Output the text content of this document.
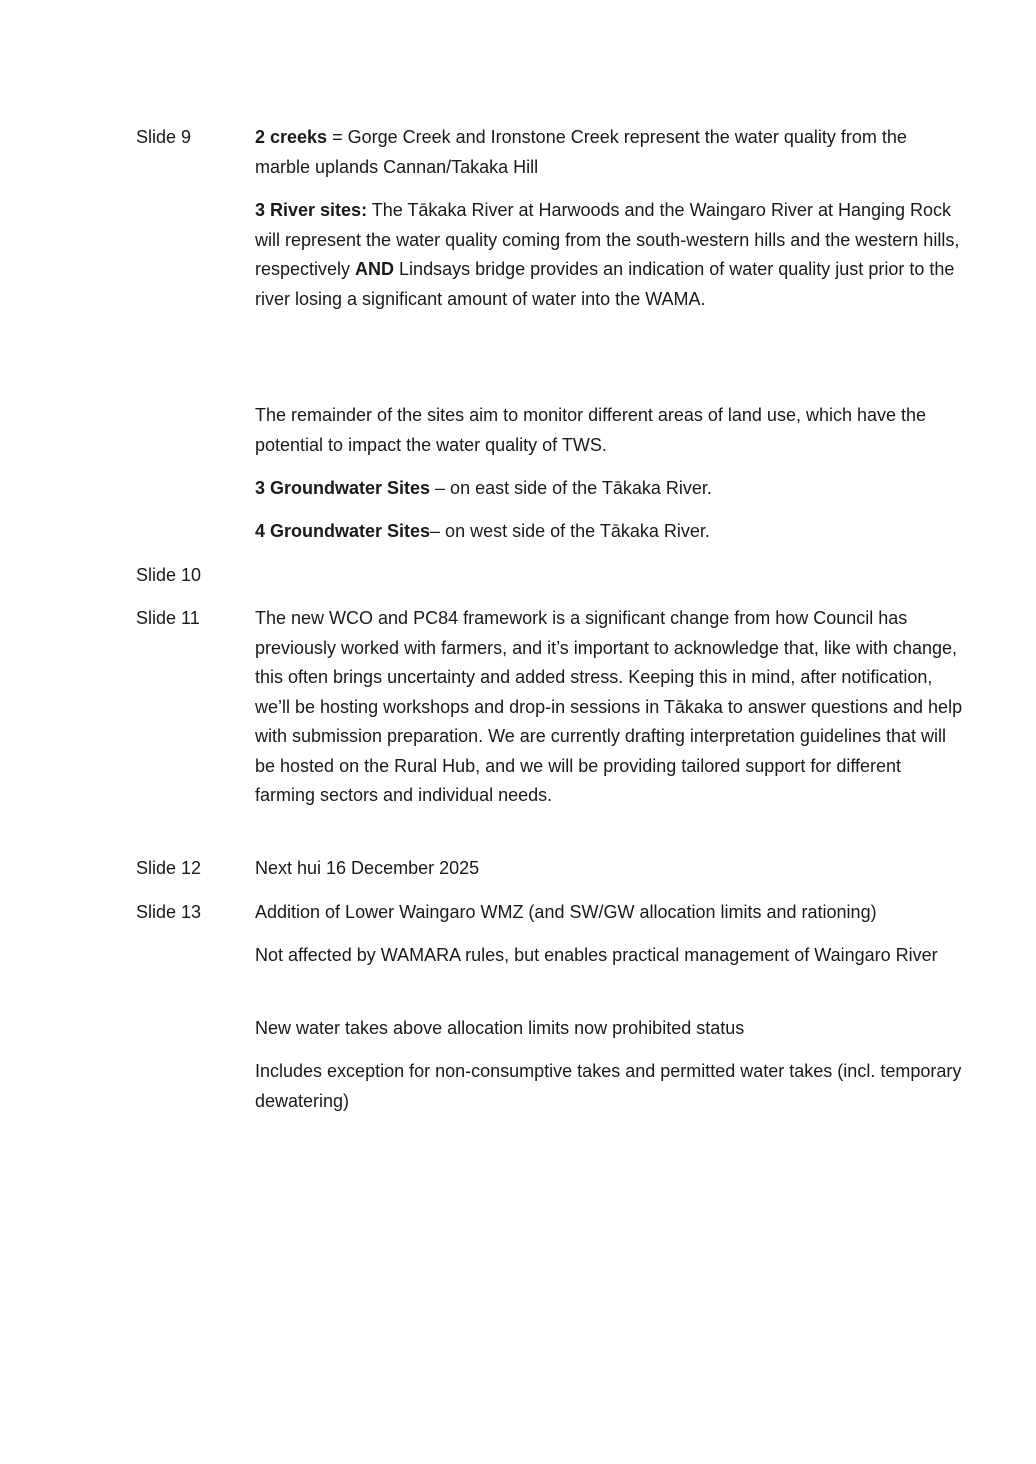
Slide 9	2 creeks = Gorge Creek and Ironstone Creek represent the water quality from the marble uplands Cannan/Takaka Hill
3 River sites: The Tākaka River at Harwoods and the Waingaro River at Hanging Rock will represent the water quality coming from the south-western hills and the western hills, respectively AND Lindsays bridge provides an indication of water quality just prior to the river losing a significant amount of water into the WAMA.
The remainder of the sites aim to monitor different areas of land use, which have the potential to impact the water quality of TWS.
3 Groundwater Sites – on east side of the Tākaka River.
4 Groundwater Sites– on west side of the Tākaka River.
Slide 10
Slide 11	The new WCO and PC84 framework is a significant change from how Council has previously worked with farmers, and it’s important to acknowledge that, like with change, this often brings uncertainty and added stress. Keeping this in mind, after notification, we’ll be hosting workshops and drop-in sessions in Tākaka to answer questions and help with submission preparation. We are currently drafting interpretation guidelines that will be hosted on the Rural Hub, and we will be providing tailored support for different farming sectors and individual needs.
Slide 12	Next hui 16 December 2025
Slide 13	Addition of Lower Waingaro WMZ (and SW/GW allocation limits and rationing)
Not affected by WAMARA rules, but enables practical management of Waingaro River
New water takes above allocation limits now prohibited status
Includes exception for non-consumptive takes and permitted water takes (incl. temporary dewatering)
